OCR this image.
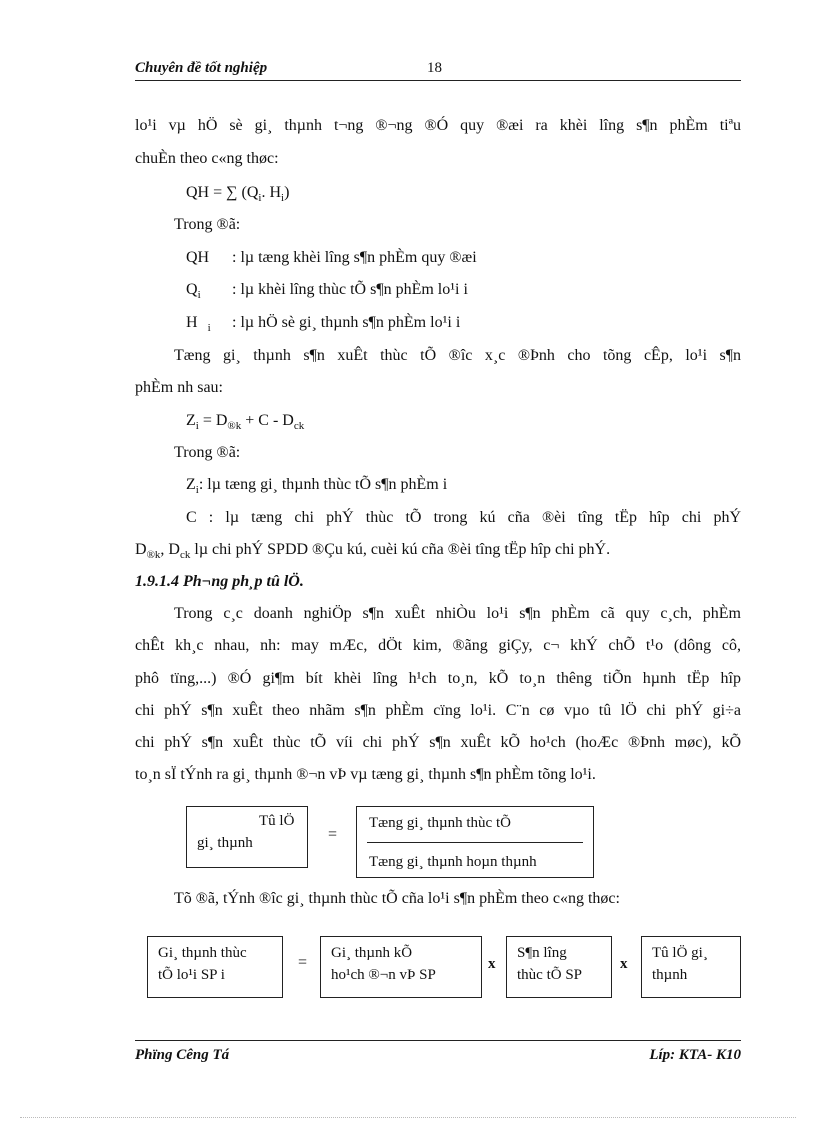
Chuyên đề tốt nghiệp	18
lo¹i vµ hÖ sè gi¸ thµnh t¬ng ®¬ng ®Ó quy ®æi ra khèi lîng s¶n phÈm tiªu
chuÈn theo c«ng thøc:
QH = ∑ ($Q_i$. $H_i$)
Trong ®ã:
QH : lµ tæng khèi lîng s¶n phÈm quy ®æi
$Q_i$ : lµ khèi lîng thùc tÕ s¶n phÈm lo¹i i
H $_i$ : lµ hÖ sè gi¸ thµnh s¶n phÈm lo¹i i
Tæng gi¸ thµnh s¶n xuÊt thùc tÕ ®îc x¸c ®Þnh cho tõng cÊp, lo¹i s¶n
phÈm nh sau:
$Z_i = D_{®k} + C - D_{ck}$
Trong ®ã:
$Z_i$: lµ tæng gi¸ thµnh thùc tÕ s¶n phÈm i
C : lµ tæng chi phÝ thùc tÕ trong kú cña ®èi tîng tËp hîp chi phÝ
$D_{®k}$, $D_{ck}$ lµ chi phÝ SPDD ®Çu kú, cuèi kú cña ®èi tîng tËp hîp chi phÝ.
1.9.1.4 Ph¬ng ph¸p tû lÖ.
Trong c¸c doanh nghiÖp s¶n xuÊt nhiÒu lo¹i s¶n phÈm cã quy c¸ch, phÈm
chÊt kh¸c nhau, nh: may mÆc, dÖt kim, ®ãng giÇy, c¬ khÝ chÕ t¹o (dông cô,
phô tïng,...) ®Ó gi¶m bít khèi lîng h¹ch to¸n, kÕ to¸n thêng tiÕn hµnh tËp hîp
chi phÝ s¶n xuÊt theo nhãm s¶n phÈm cïng lo¹i. C¨n cø vµo tû lÖ chi phÝ gi÷a
chi phÝ s¶n xuÊt thùc tÕ víi chi phÝ s¶n xuÊt kÕ ho¹ch (hoÆc ®Þnh møc), kÕ
to¸n sÏ tÝnh ra gi¸ thµnh ®¬n vÞ vµ tæng gi¸ thµnh s¶n phÈm tõng lo¹i.
Tû lÖ
gi¸ thµnh	=
Tæng gi¸ thµnh thùc tÕ
Tæng gi¸ thµnh hoµn thµnh
Tõ ®ã, tÝnh ®îc gi¸ thµnh thùc tÕ cña lo¹i s¶n phÈm theo c«ng thøc:
Gi¸ thµnh thùc
tÕ lo¹i SP i
=
Gi¸ thµnh kÕ
ho¹ch ®¬n vÞ SP
x
S¶n lîng
thùc tÕ SP
x
Tû lÖ gi¸
thµnh
Phïng Cêng Tá	Líp: KTA- K10
